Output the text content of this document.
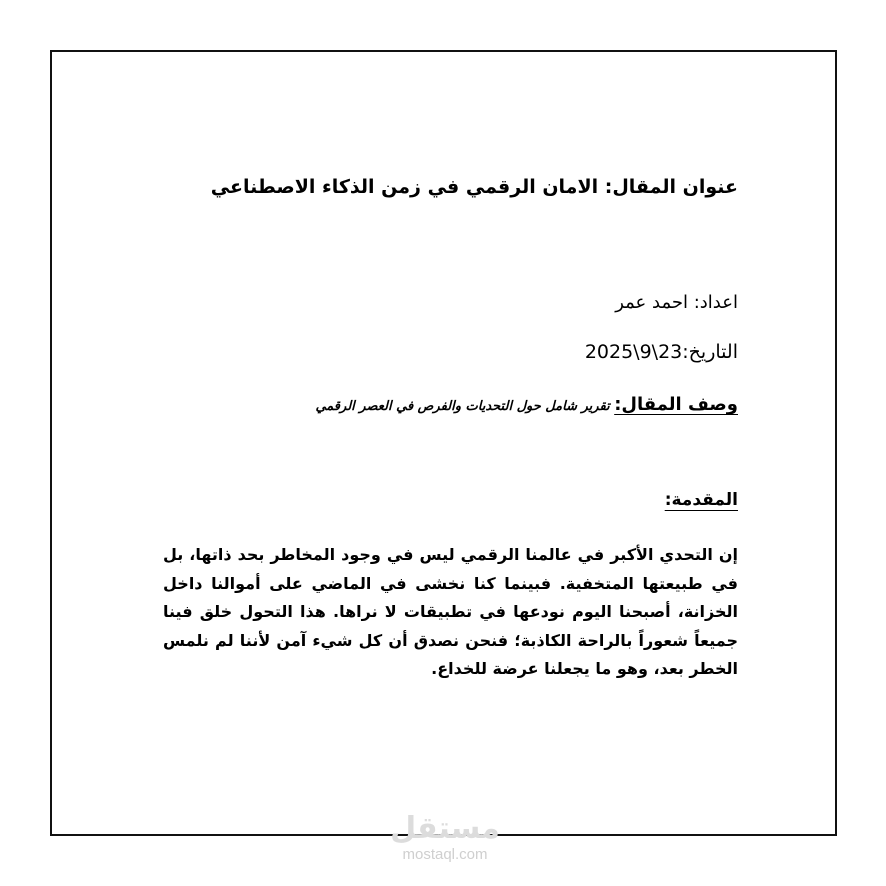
عنوان المقال: الامان الرقمي في زمن الذكاء الاصطناعي
اعداد: احمد عمر
التاريخ:23\9\2025
وصف المقال: تقرير شامل حول التحديات والفرص في العصر الرقمي
المقدمة:
إن التحدي الأكبر في عالمنا الرقمي ليس في وجود المخاطر بحد ذاتها، بل في طبيعتها المتخفية. فبينما كنا نخشى في الماضي على أموالنا داخل الخزانة، أصبحنا اليوم نودعها في تطبيقات لا نراها. هذا التحول خلق فينا جميعاً شعوراً بالراحة الكاذبة؛ فنحن نصدق أن كل شيء آمن لأننا لم نلمس الخطر بعد، وهو ما يجعلنا عرضة للخداع.
مستقل
mostaql.com
